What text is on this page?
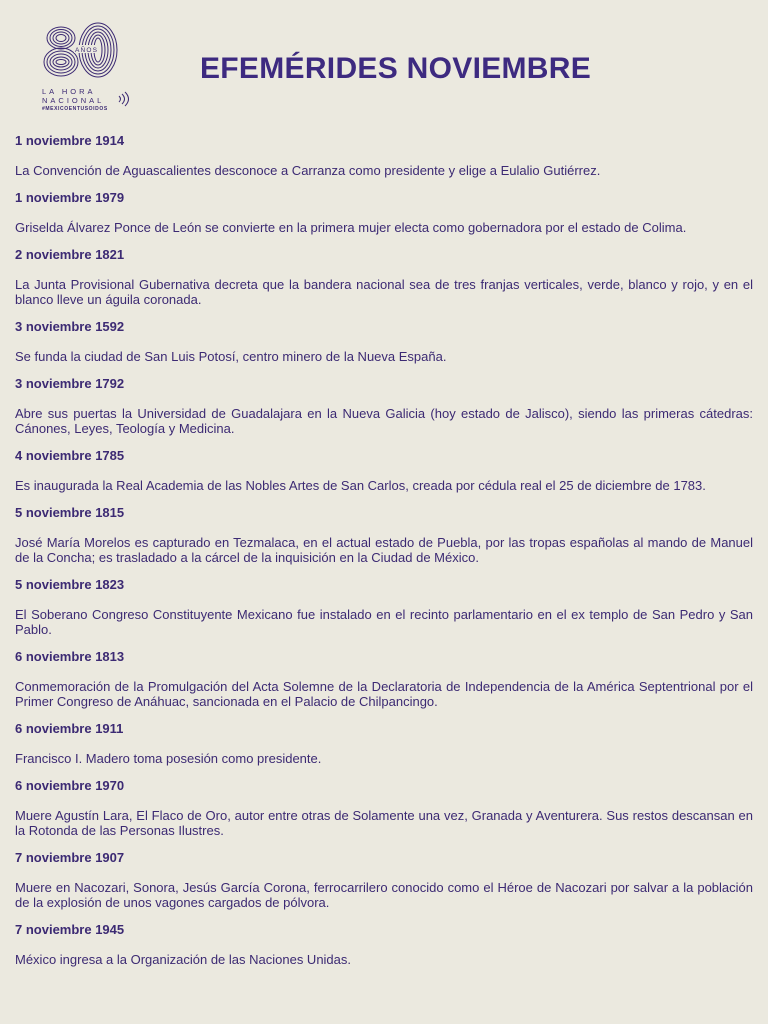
AÑOS
LA HORA
NACIONAL
#MEXICOENTUSOIDOS
EFEMÉRIDES NOVIEMBRE
1 noviembre 1914
La Convención de Aguascalientes desconoce a Carranza como presidente y elige a Eulalio Gutiérrez.
1 noviembre 1979
Griselda Álvarez Ponce de León se convierte en la primera mujer electa como gobernadora por el estado de Colima.
2 noviembre 1821
La Junta Provisional Gubernativa decreta que la bandera nacional sea de tres franjas verticales, verde, blanco y rojo, y en el blanco lleve un águila coronada.
3 noviembre 1592
Se funda la ciudad de San Luis Potosí, centro minero de la Nueva España.
3 noviembre 1792
Abre sus puertas la Universidad de Guadalajara en la Nueva Galicia (hoy estado de Jalisco), siendo las primeras cátedras: Cánones, Leyes, Teología y Medicina.
4 noviembre 1785
Es inaugurada la Real Academia de las Nobles Artes de San Carlos, creada por cédula real el 25 de diciembre de 1783.
5 noviembre 1815
José María Morelos es capturado en Tezmalaca, en el actual estado de Puebla, por las tropas españolas al mando de Manuel de la Concha; es trasladado a la cárcel de la inquisición en la Ciudad de México.
5 noviembre 1823
El Soberano Congreso Constituyente Mexicano fue instalado en el recinto parlamentario en el ex templo de San Pedro y San Pablo.
6 noviembre 1813
Conmemoración de la Promulgación del Acta Solemne de la Declaratoria de Independencia de la América Septentrional por el Primer Congreso de Anáhuac, sancionada en el Palacio de Chilpancingo.
6 noviembre 1911
Francisco I. Madero toma posesión como presidente.
6 noviembre 1970
Muere Agustín Lara, El Flaco de Oro, autor entre otras de Solamente una vez, Granada y Aventurera. Sus restos descansan en la Rotonda de las Personas Ilustres.
7 noviembre 1907
Muere en Nacozari, Sonora, Jesús García Corona, ferrocarrilero conocido como el Héroe de Nacozari por salvar a la población de la explosión de unos vagones cargados de pólvora.
7 noviembre 1945
México ingresa a la Organización de las Naciones Unidas.
